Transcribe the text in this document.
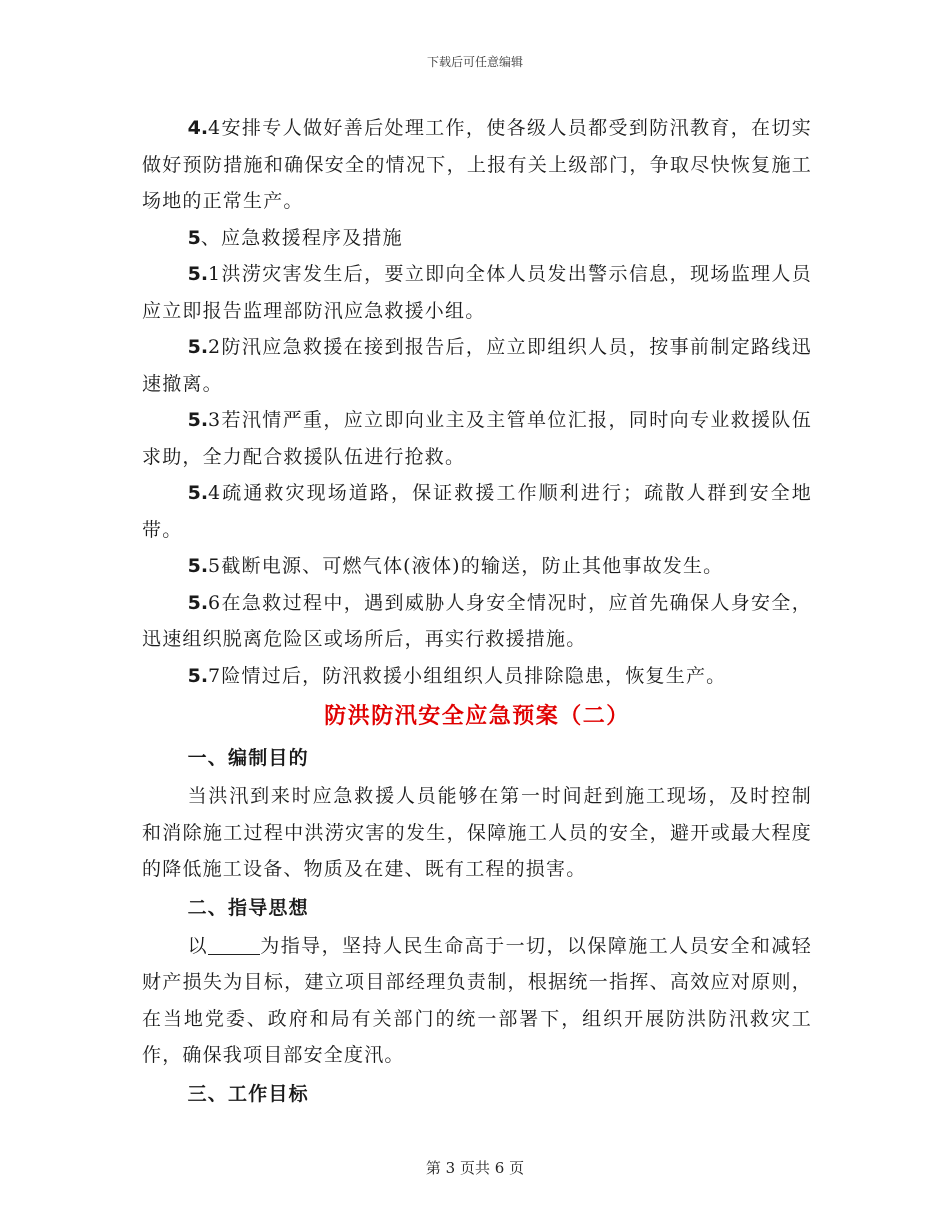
下载后可任意编辑

4.4安排专人做好善后处理工作，使各级人员都受到防汛教育，在切实做好预防措施和确保安全的情况下，上报有关上级部门，争取尽快恢复施工场地的正常生产。

5、应急救援程序及措施

5.1洪涝灾害发生后，要立即向全体人员发出警示信息，现场监理人员应立即报告监理部防汛应急救援小组。

5.2防汛应急救援在接到报告后，应立即组织人员，按事前制定路线迅速撤离。

5.3若汛情严重，应立即向业主及主管单位汇报，同时向专业救援队伍求助，全力配合救援队伍进行抢救。

5.4疏通救灾现场道路，保证救援工作顺利进行；疏散人群到安全地带。

5.5截断电源、可燃气体(液体)的输送，防止其他事故发生。

5.6在急救过程中，遇到威胁人身安全情况时，应首先确保人身安全，迅速组织脱离危险区或场所后，再实行救援措施。

5.7险情过后，防汛救援小组组织人员排除隐患，恢复生产。

防洪防汛安全应急预案（二）
一、编制目的

当洪汛到来时应急救援人员能够在第一时间赶到施工现场，及时控制和消除施工过程中洪涝灾害的发生，保障施工人员的安全，避开或最大程度的降低施工设备、物质及在建、既有工程的损害。

二、指导思想

以	为指导，坚持人民生命高于一切，以保障施工人员安全和减轻财产损失为目标，建立项目部经理负责制，根据统一指挥、高效应对原则，在当地党委、政府和局有关部门的统一部署下，组织开展防洪防汛救灾工作，确保我项目部安全度汛。

三、工作目标
第 3 页共 6 页
